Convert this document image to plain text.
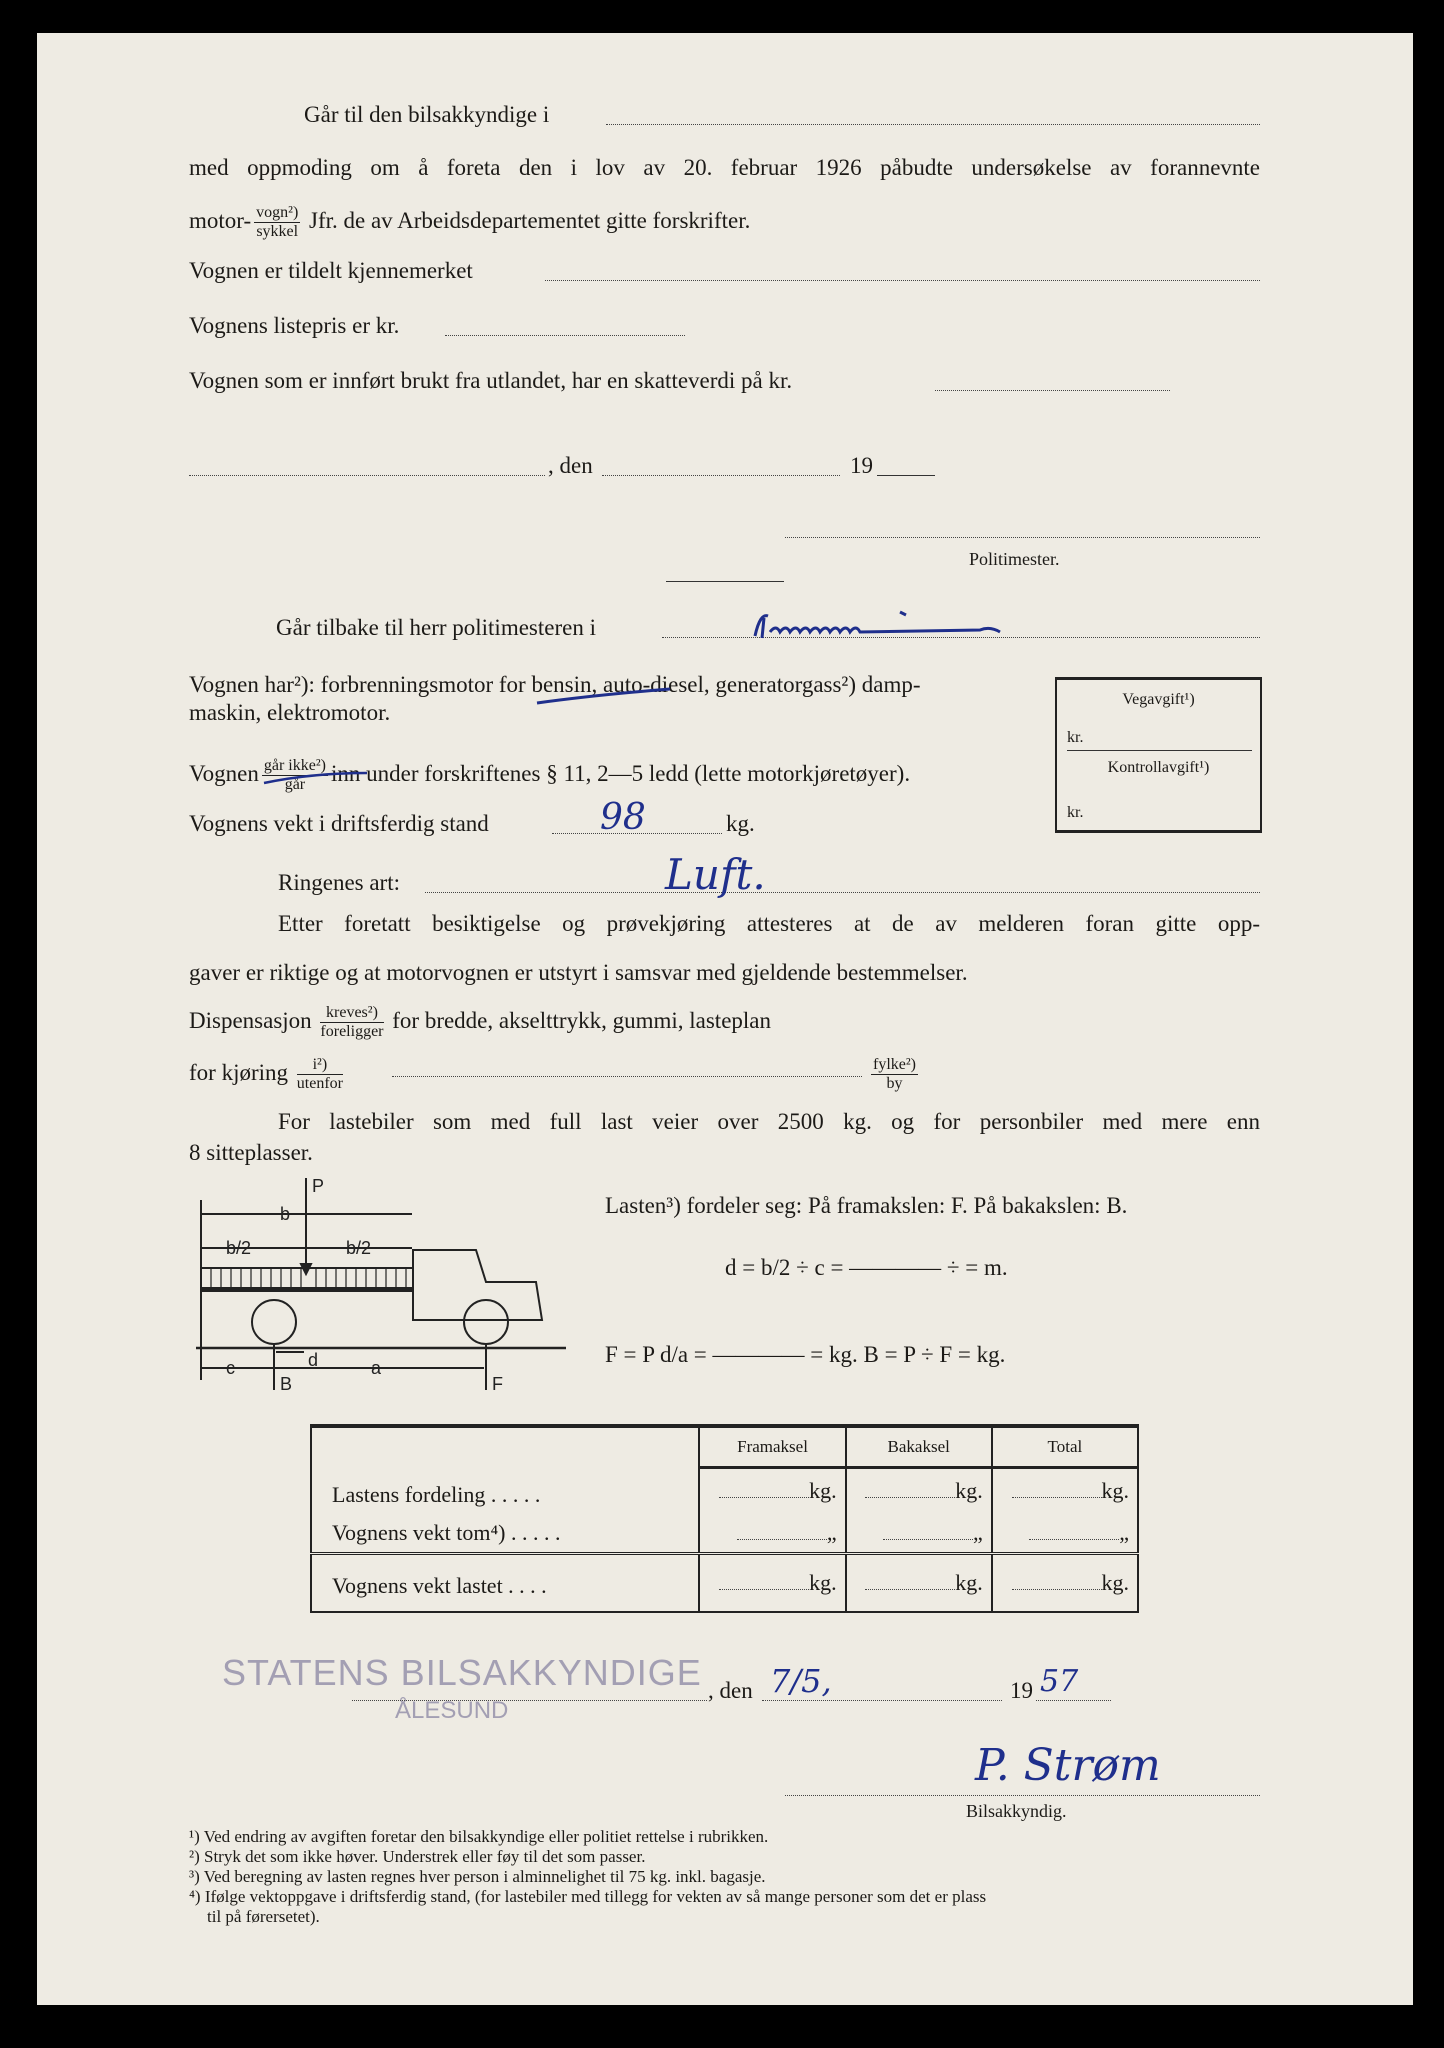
Går til den bilsakkyndige i
med oppmoding om å foreta den i lov av 20. februar 1926 påbudte undersøkelse av forannevnte
motor- $\frac{\text{vogn²)}}{\text{sykkel}}$ Jfr. de av Arbeidsdepartementet gitte forskrifter.
Vognen er tildelt kjennemerket
Vognens listepris er kr.
Vognen som er innført brukt fra utlandet, har en skatteverdi på kr.
, den	19
Politimester.
Går tilbake til herr politimesteren i
Vognen har²): forbrenningsmotor for bensin, auto-diesel, generatorgass²) damp-
maskin, elektromotor.
Vegavgift¹)
kr.
Kontrollavgift¹)
kr.
Vognen $\frac{\text{går ikke²)}}{\text{går}}$ inn under forskriftenes § 11, 2—5 ledd (lette motorkjøretøyer).
Vognens vekt i driftsferdig stand	98	kg.
Ringenes art:	Luft.
Etter foretatt besiktigelse og prøvekjøring attesteres at de av melderen foran gitte opp-
gaver er riktige og at motorvognen er utstyrt i samsvar med gjeldende bestemmelser.
Dispensasjon $\frac{\text{kreves²)}}{\text{foreligger}}$ for bredde, akselttrykk, gummi, lasteplan
for kjøring $\frac{\text{i²)}}{\text{utenfor}}$	$\frac{\text{fylke²)}}{by}$
For lastebiler som med full last veier over 2500 kg. og for personbiler med mere enn
8 sitteplasser.
P
b
b/2	b/2
d
c	a
B	F
Lasten³) fordeler seg: På framakslen: F. På bakakslen: B.
d = b/2 ÷ c = ———— ÷ = m.
F = P d/a = ———— = kg. B = P ÷ F = kg.
	Framaksel	Bakaksel	Total
Lastens fordeling . . . . .	kg.	kg.	kg.
Vognens vekt tom⁴) . . . . .	„	„	„
Vognens vekt lastet . . . .	kg.	kg.	kg.
STATENS BILSAKKYNDIGE
ÅLESUND
, den 7/5,	19 57
P. Strøm
Bilsakkyndig.
¹) Ved endring av avgiften foretar den bilsakkyndige eller politiet rettelse i rubrikken.
²) Stryk det som ikke høver. Understrek eller føy til det som passer.
³) Ved beregning av lasten regnes hver person i alminnelighet til 75 kg. inkl. bagasje.
⁴) Ifølge vektoppgave i driftsferdig stand, (for lastebiler med tillegg for vekten av så mange personer som det er plass
til på førersetet).
